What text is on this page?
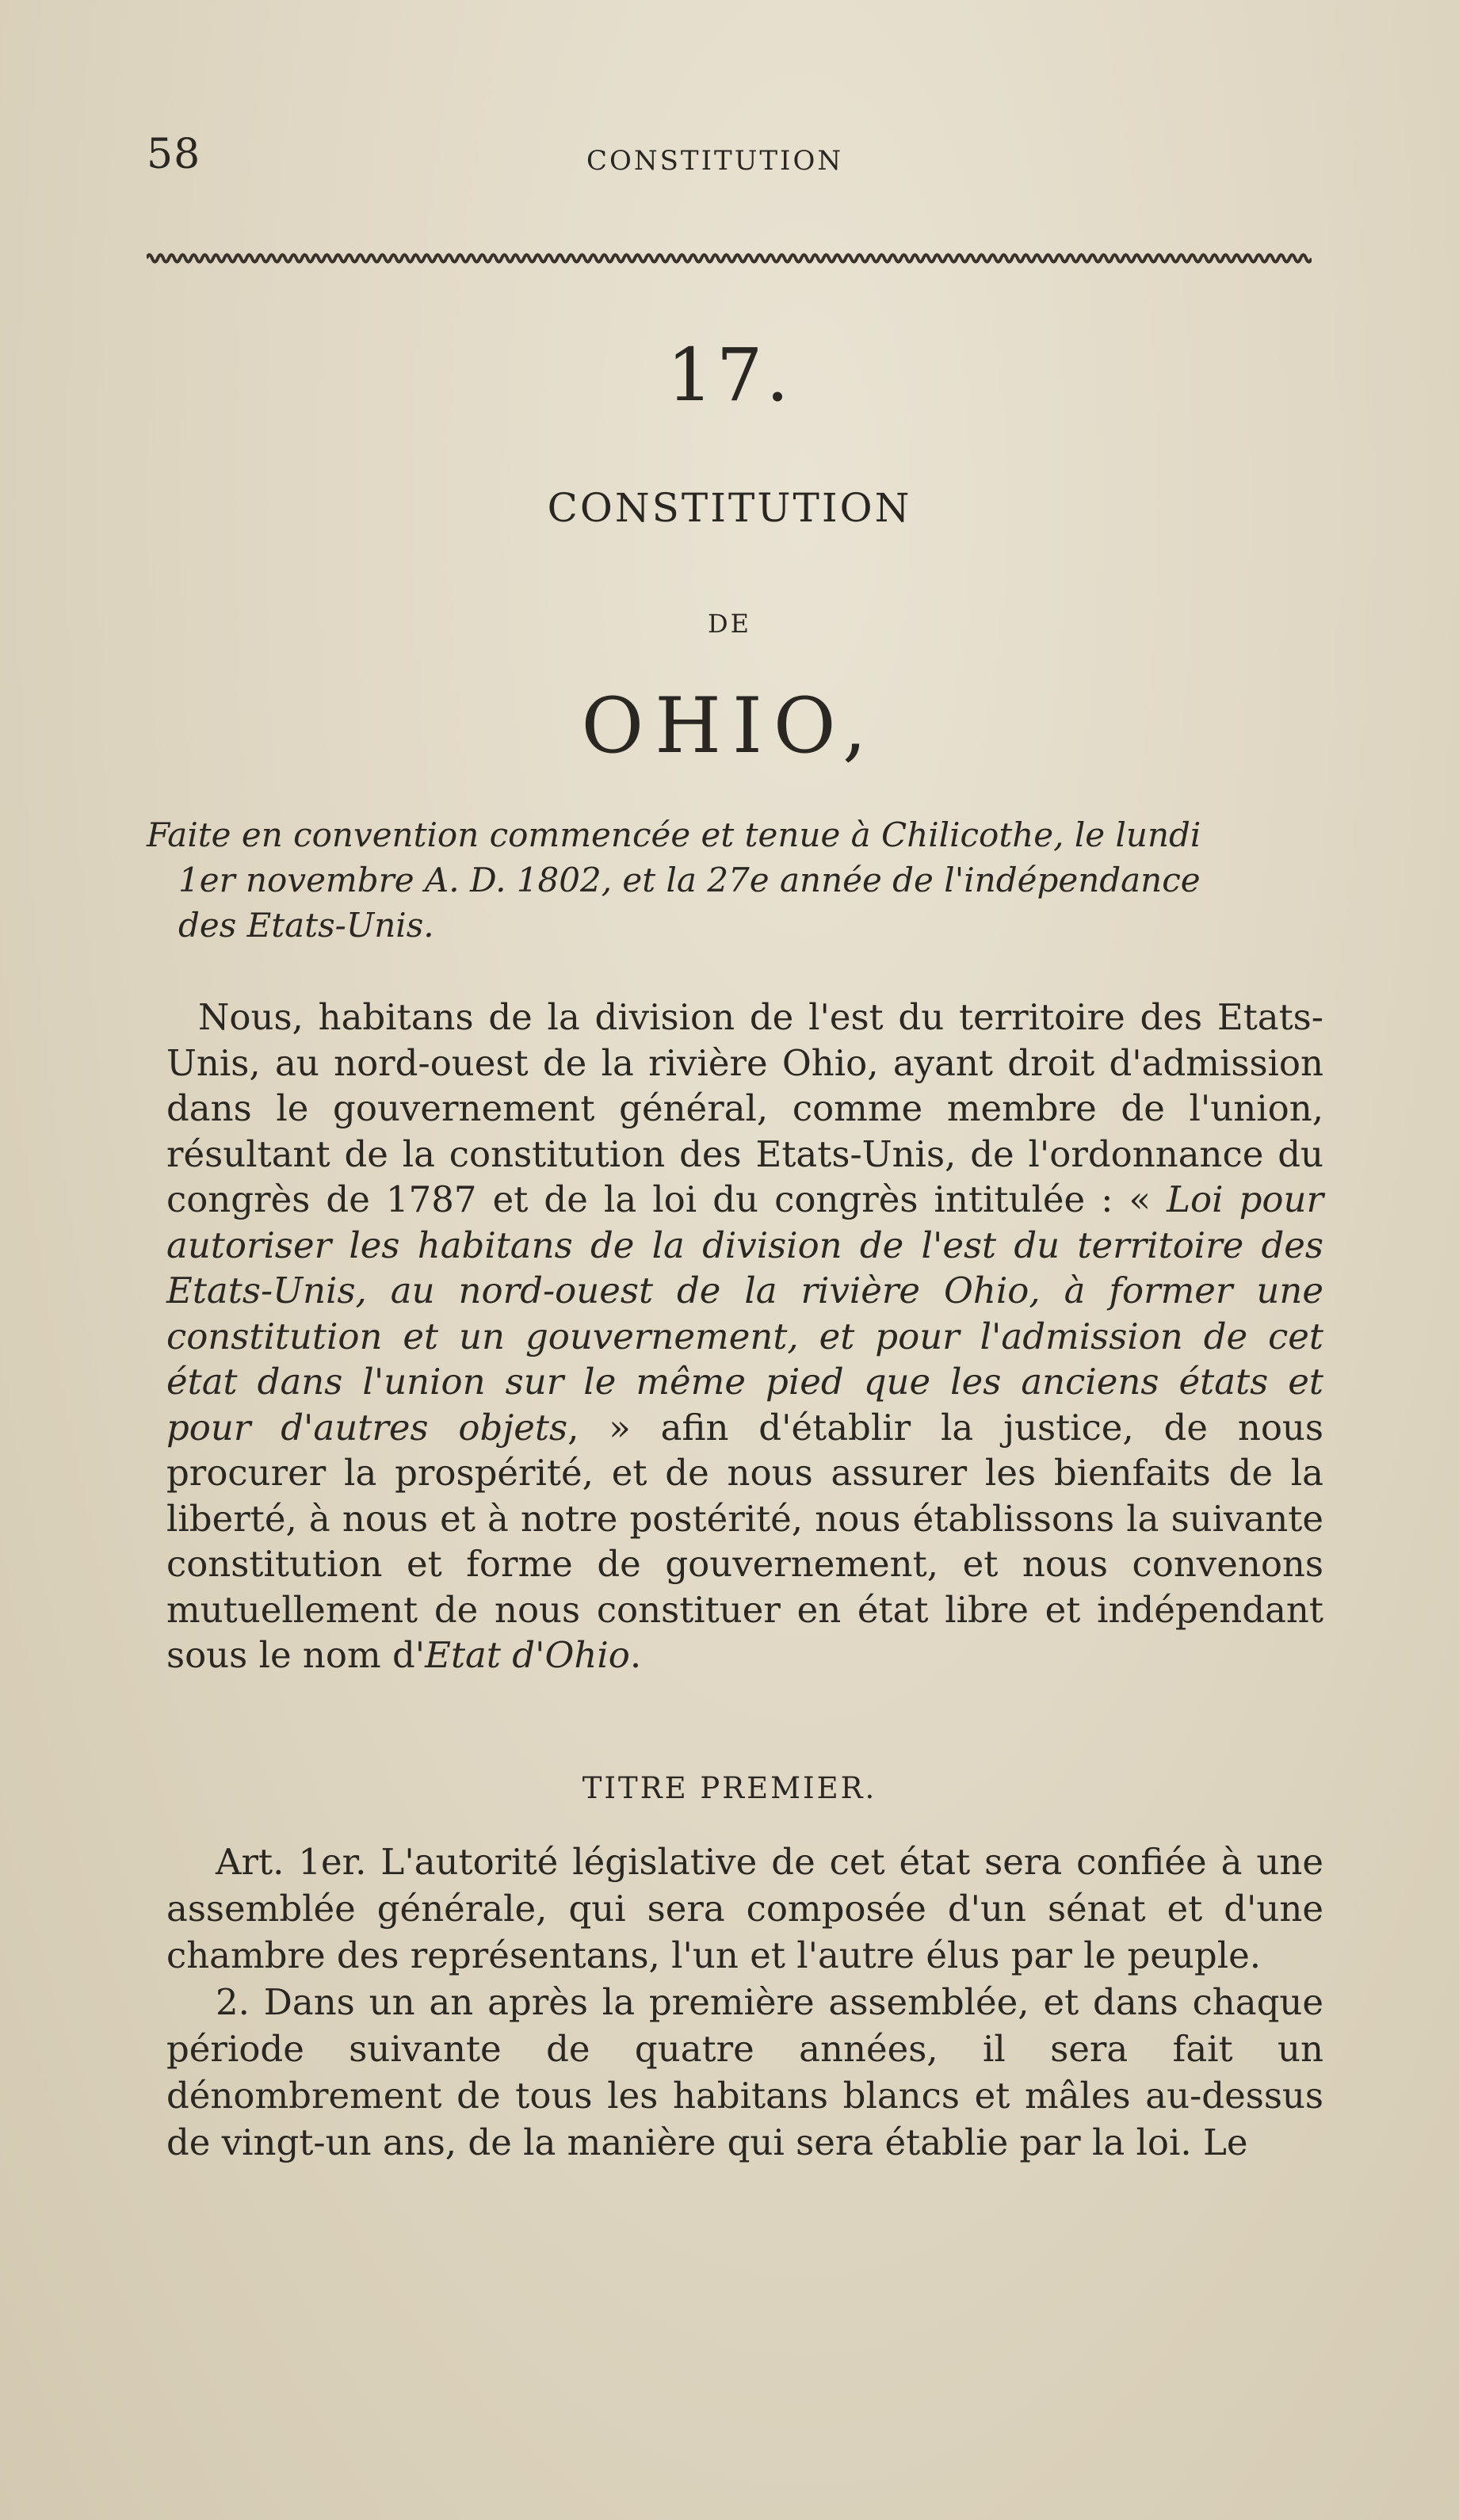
58	CONSTITUTION
17.
CONSTITUTION
DE
OHIO,
Faite en convention commencée et tenue à Chilicothe, le lundi
1er novembre A. D. 1802, et la 27e année de l'indépendance
des Etats-Unis.

Nous, habitans de la division de l'est du territoire des Etats-Unis, au nord-ouest de la rivière Ohio, ayant droit d'admission dans le gouvernement général, comme membre de l'union, résultant de la constitution des Etats-Unis, de l'ordonnance du congrès de 1787 et de la loi du congrès intitulée : « Loi pour autoriser les habitans de la division de l'est du territoire des Etats-Unis, au nord-ouest de la rivière Ohio, à former une constitution et un gouvernement, et pour l'admission de cet état dans l'union sur le même pied que les anciens états et pour d'autres objets, » afin d'établir la justice, de nous procurer la prospérité, et de nous assurer les bienfaits de la liberté, à nous et à notre postérité, nous établissons la suivante constitution et forme de gouvernement, et nous convenons mutuellement de nous constituer en état libre et indépendant sous le nom d'Etat d'Ohio.

TITRE PREMIER.

Art. 1er. L'autorité législative de cet état sera confiée à une assemblée générale, qui sera composée d'un sénat et d'une chambre des représentans, l'un et l'autre élus par le peuple.

2. Dans un an après la première assemblée, et dans chaque période suivante de quatre années, il sera fait un dénombrement de tous les habitans blancs et mâles au-dessus de vingt-un ans, de la manière qui sera établie par la loi. Le
